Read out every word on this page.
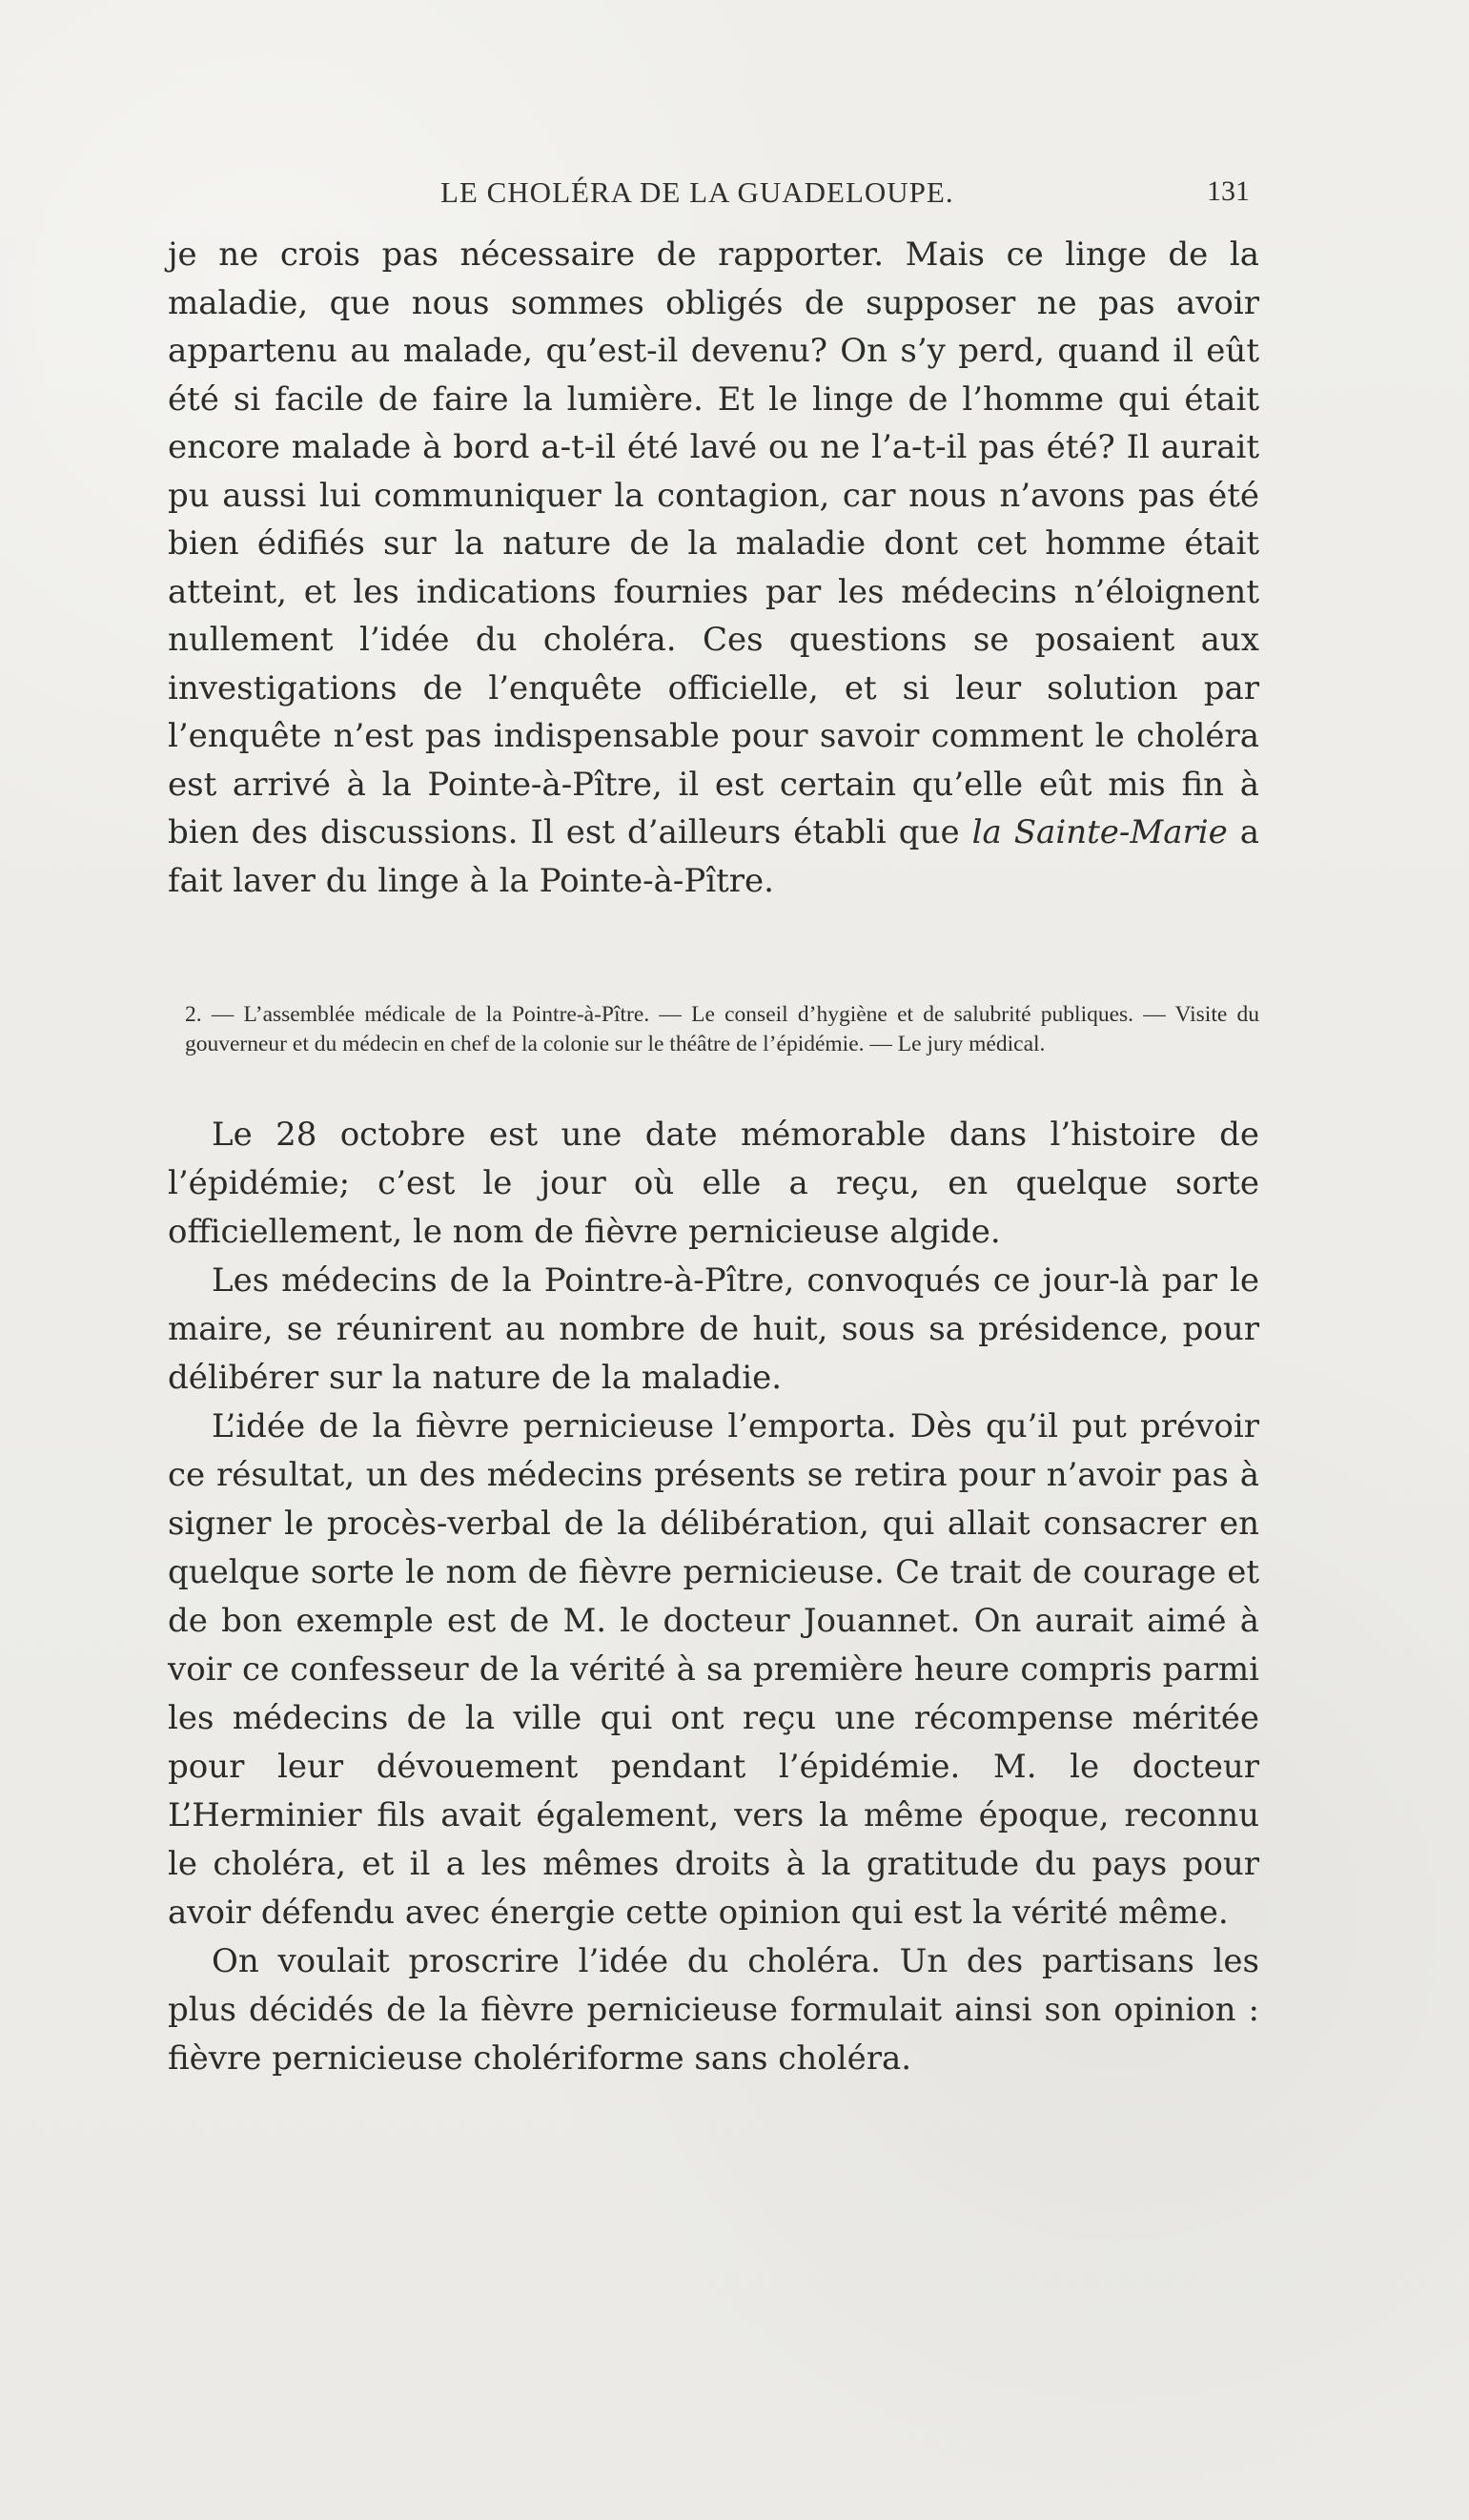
LE CHOLÉRA DE LA GUADELOUPE.	131

je ne crois pas nécessaire de rapporter. Mais ce linge de la maladie, que nous sommes obligés de supposer ne pas avoir appartenu au malade, qu’est-il devenu? On s’y perd, quand il eût été si facile de faire la lumière. Et le linge de l’homme qui était encore malade à bord a-t-il été lavé ou ne l’a-t-il pas été? Il aurait pu aussi lui communiquer la contagion, car nous n’avons pas été bien édifiés sur la nature de la maladie dont cet homme était atteint, et les indications fournies par les médecins n’éloignent nullement l’idée du choléra. Ces questions se posaient aux investigations de l’enquête officielle, et si leur solution par l’enquête n’est pas indispensable pour savoir comment le choléra est arrivé à la Pointe-à-Pître, il est certain qu’elle eût mis fin à bien des discussions. Il est d’ailleurs établi que la Sainte-Marie a fait laver du linge à la Pointe-à-Pître.

2. — L’assemblée médicale de la Pointre-à-Pître. — Le conseil d’hygiène et de salubrité publiques. — Visite du gouverneur et du médecin en chef de la colonie sur le théâtre de l’épidémie. — Le jury médical.

Le 28 octobre est une date mémorable dans l’histoire de l’épidémie; c’est le jour où elle a reçu, en quelque sorte officiellement, le nom de fièvre pernicieuse algide.

Les médecins de la Pointre-à-Pître, convoqués ce jour-là par le maire, se réunirent au nombre de huit, sous sa présidence, pour délibérer sur la nature de la maladie.

L’idée de la fièvre pernicieuse l’emporta. Dès qu’il put prévoir ce résultat, un des médecins présents se retira pour n’avoir pas à signer le procès-verbal de la délibération, qui allait consacrer en quelque sorte le nom de fièvre pernicieuse. Ce trait de courage et de bon exemple est de M. le docteur Jouannet. On aurait aimé à voir ce confesseur de la vérité à sa première heure compris parmi les médecins de la ville qui ont reçu une récompense méritée pour leur dévouement pendant l’épidémie. M. le docteur L’Herminier fils avait également, vers la même époque, reconnu le choléra, et il a les mêmes droits à la gratitude du pays pour avoir défendu avec énergie cette opinion qui est la vérité même.

On voulait proscrire l’idée du choléra. Un des partisans les plus décidés de la fièvre pernicieuse formulait ainsi son opinion : fièvre pernicieuse cholériforme sans choléra.
